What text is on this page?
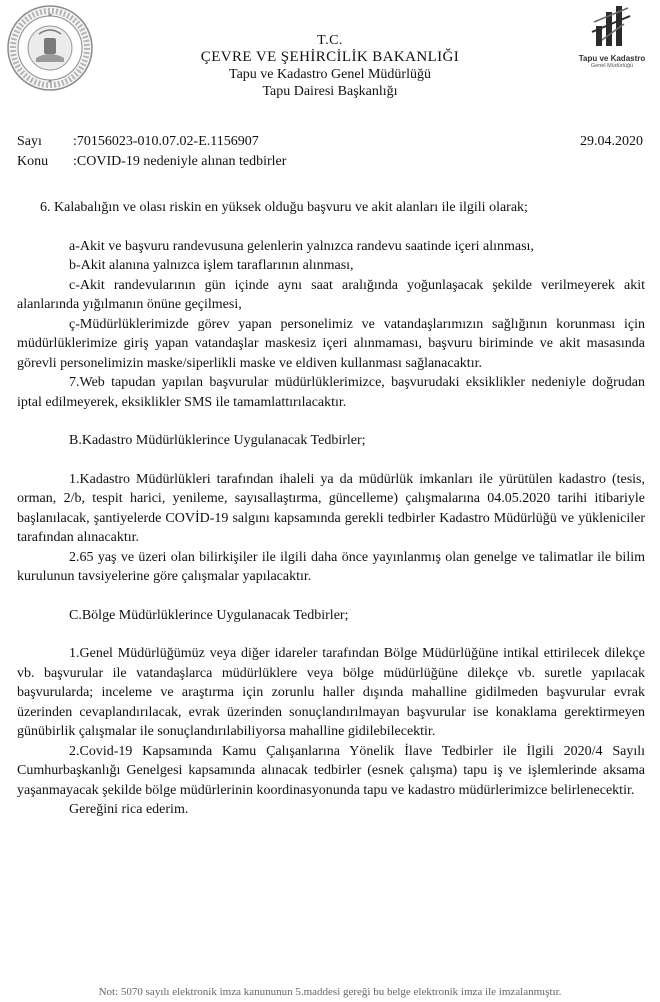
Tapu ve Kadastro
Genel Müdürlüğü
T.C.
ÇEVRE VE ŞEHİRCİLİK BAKANLIĞI
Tapu ve Kadastro Genel Müdürlüğü
Tapu Dairesi Başkanlığı
Sayı :70156023-010.07.02-E.1156907	29.04.2020
Konu :COVID-19 nedeniyle alınan tedbirler

6. Kalabalığın ve olası riskin en yüksek olduğu başvuru ve akit alanları ile ilgili olarak;

a-Akit ve başvuru randevusuna gelenlerin yalnızca randevu saatinde içeri alınması,

b-Akit alanına yalnızca işlem taraflarının alınması,

c-Akit randevularının gün içinde aynı saat aralığında yoğunlaşacak şekilde verilmeyerek akit alanlarında yığılmanın önüne geçilmesi,

ç-Müdürlüklerimizde görev yapan personelimiz ve vatandaşlarımızın sağlığının korunması için müdürlüklerimize giriş yapan vatandaşlar maskesiz içeri alınmaması, başvuru biriminde ve akit masasında görevli personelimizin maske/siperlikli maske ve eldiven kullanması sağlanacaktır.

7.Web tapudan yapılan başvurular müdürlüklerimizce, başvurudaki eksiklikler nedeniyle doğrudan iptal edilmeyerek, eksiklikler SMS ile tamamlattırılacaktır.

B.Kadastro Müdürlüklerince Uygulanacak Tedbirler;

1.Kadastro Müdürlükleri tarafından ihaleli ya da müdürlük imkanları ile yürütülen kadastro (tesis, orman, 2/b, tespit harici, yenileme, sayısallaştırma, güncelleme) çalışmalarına 04.05.2020 tarihi itibariyle başlanılacak, şantiyelerde COVİD-19 salgını kapsamında gerekli tedbirler Kadastro Müdürlüğü ve yükleniciler tarafından alınacaktır.

2.65 yaş ve üzeri olan bilirkişiler ile ilgili daha önce yayınlanmış olan genelge ve talimatlar ile bilim kurulunun tavsiyelerine göre çalışmalar yapılacaktır.

C.Bölge Müdürlüklerince Uygulanacak Tedbirler;

1.Genel Müdürlüğümüz veya diğer idareler tarafından Bölge Müdürlüğüne intikal ettirilecek dilekçe vb. başvurular ile vatandaşlarca müdürlüklere veya bölge müdürlüğüne dilekçe vb. suretle yapılacak başvurularda; inceleme ve araştırma için zorunlu haller dışında mahalline gidilmeden başvurular evrak üzerinden cevaplandırılacak, evrak üzerinden sonuçlandırılmayan başvurular ise konaklama gerektirmeyen günübirlik çalışmalar ile sonuçlandırılabiliyorsa mahalline gidilebilecektir.

2.Covid-19 Kapsamında Kamu Çalışanlarına Yönelik İlave Tedbirler ile İlgili 2020/4 Sayılı Cumhurbaşkanlığı Genelgesi kapsamında alınacak tedbirler (esnek çalışma) tapu iş ve işlemlerinde aksama yaşanmayacak şekilde bölge müdürlerinin koordinasyonunda tapu ve kadastro müdürlerimizce belirlenecektir.

Gereğini rica ederim.

Not: 5070 sayılı elektronik imza kanununun 5.maddesi gereği bu belge elektronik imza ile imzalanmıştır.
